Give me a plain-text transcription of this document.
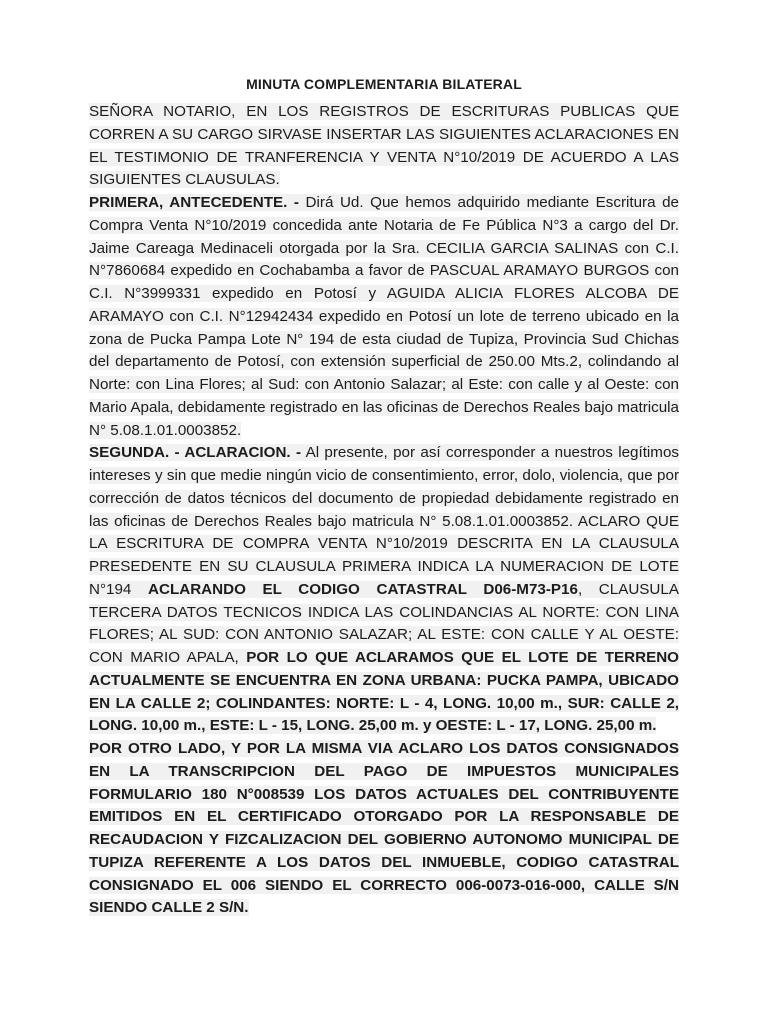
MINUTA COMPLEMENTARIA BILATERAL

SEÑORA NOTARIO, EN LOS REGISTROS DE ESCRITURAS PUBLICAS QUE CORREN A SU CARGO SIRVASE INSERTAR LAS SIGUIENTES ACLARACIONES EN EL TESTIMONIO DE TRANFERENCIA Y VENTA N°10/2019 DE ACUERDO A LAS SIGUIENTES CLAUSULAS.

PRIMERA, ANTECEDENTE. - Dirá Ud. Que hemos adquirido mediante Escritura de Compra Venta N°10/2019 concedida ante Notaria de Fe Pública N°3 a cargo del Dr. Jaime Careaga Medinaceli otorgada por la Sra. CECILIA GARCIA SALINAS con C.I. N°7860684 expedido en Cochabamba a favor de PASCUAL ARAMAYO BURGOS con C.I. N°3999331 expedido en Potosí y AGUIDA ALICIA FLORES ALCOBA DE ARAMAYO con C.I. N°12942434 expedido en Potosí un lote de terreno ubicado en la zona de Pucka Pampa Lote N° 194 de esta ciudad de Tupiza, Provincia Sud Chichas del departamento de Potosí, con extensión superficial de 250.00 Mts.2, colindando al Norte: con Lina Flores; al Sud: con Antonio Salazar; al Este: con calle y al Oeste: con Mario Apala, debidamente registrado en las oficinas de Derechos Reales bajo matricula N° 5.08.1.01.0003852.

SEGUNDA. - ACLARACION. - Al presente, por así corresponder a nuestros legítimos intereses y sin que medie ningún vicio de consentimiento, error, dolo, violencia, que por corrección de datos técnicos del documento de propiedad debidamente registrado en las oficinas de Derechos Reales bajo matricula N° 5.08.1.01.0003852. ACLARO QUE LA ESCRITURA DE COMPRA VENTA N°10/2019 DESCRITA EN LA CLAUSULA PRESEDENTE EN SU CLAUSULA PRIMERA INDICA LA NUMERACION DE LOTE N°194 ACLARANDO EL CODIGO CATASTRAL D06-M73-P16, CLAUSULA TERCERA DATOS TECNICOS INDICA LAS COLINDANCIAS AL NORTE: CON LINA FLORES; AL SUD: CON ANTONIO SALAZAR; AL ESTE: CON CALLE Y AL OESTE: CON MARIO APALA, POR LO QUE ACLARAMOS QUE EL LOTE DE TERRENO ACTUALMENTE SE ENCUENTRA EN ZONA URBANA: PUCKA PAMPA, UBICADO EN LA CALLE 2; COLINDANTES: NORTE: L - 4, LONG. 10,00 m., SUR: CALLE 2, LONG. 10,00 m., ESTE: L - 15, LONG. 25,00 m. y OESTE: L - 17, LONG. 25,00 m.

POR OTRO LADO, Y POR LA MISMA VIA ACLARO LOS DATOS CONSIGNADOS EN LA TRANSCRIPCION DEL PAGO DE IMPUESTOS MUNICIPALES FORMULARIO 180 N°008539 LOS DATOS ACTUALES DEL CONTRIBUYENTE EMITIDOS EN EL CERTIFICADO OTORGADO POR LA RESPONSABLE DE RECAUDACION Y FIZCALIZACION DEL GOBIERNO AUTONOMO MUNICIPAL DE TUPIZA REFERENTE A LOS DATOS DEL INMUEBLE, CODIGO CATASTRAL CONSIGNADO EL 006 SIENDO EL CORRECTO 006-0073-016-000, CALLE S/N SIENDO CALLE 2 S/N.
